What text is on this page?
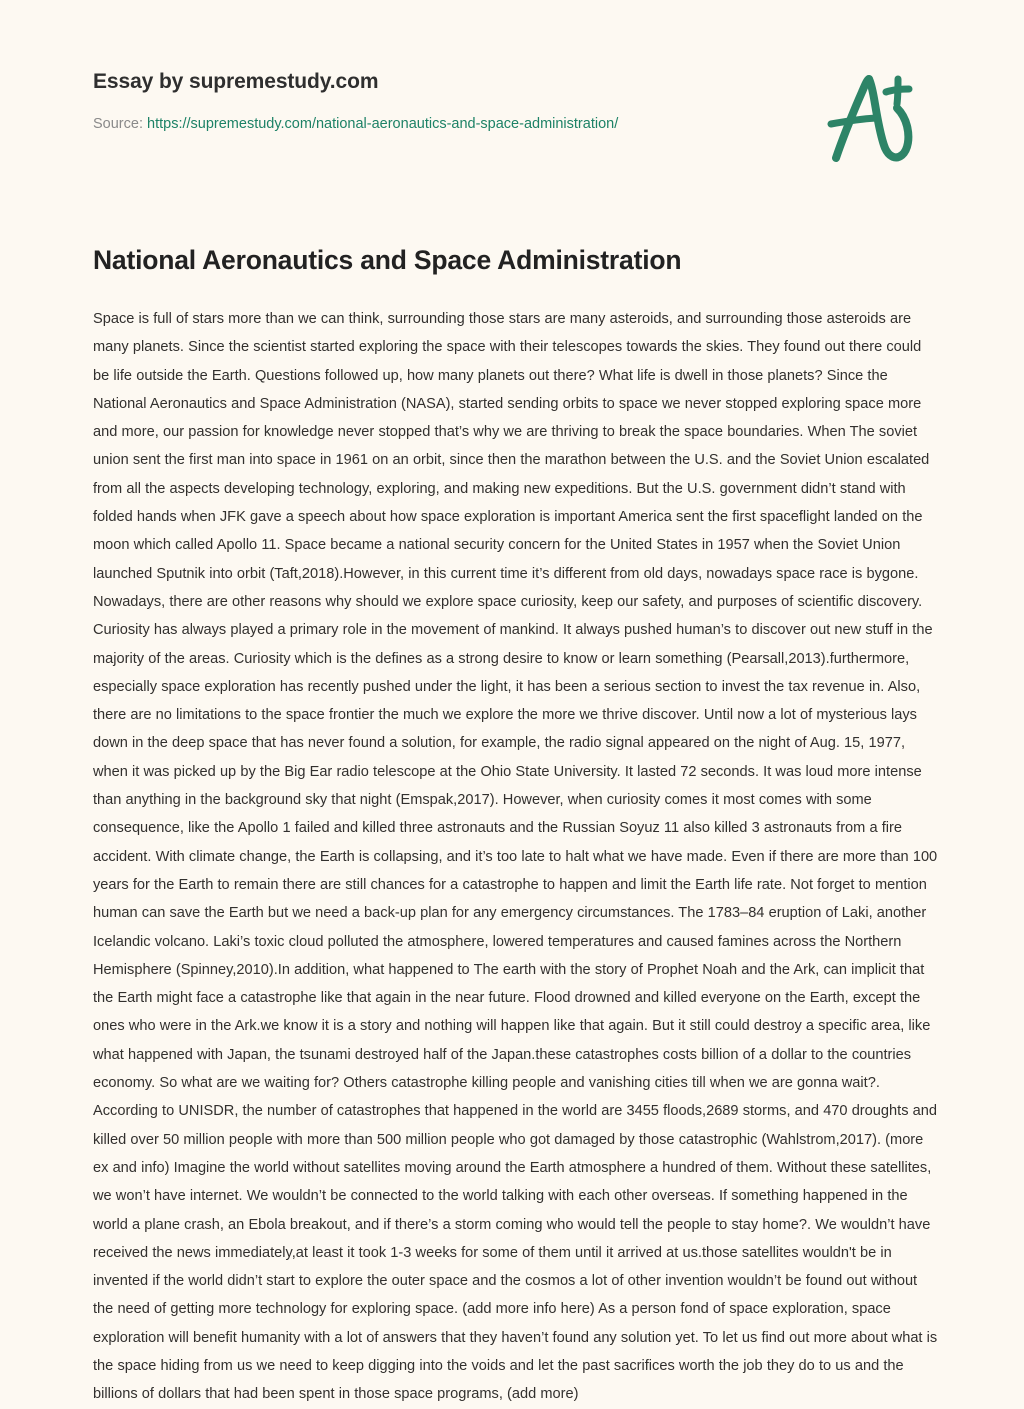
Essay by supremestudy.com
Source: https://supremestudy.com/national-aeronautics-and-space-administration/
National Aeronautics and Space Administration

Space is full of stars more than we can think, surrounding those stars are many asteroids, and surrounding those asteroids are many planets. Since the scientist started exploring the space with their telescopes towards the skies. They found out there could be life outside the Earth. Questions followed up, how many planets out there? What life is dwell in those planets? Since the National Aeronautics and Space Administration (NASA), started sending orbits to space we never stopped exploring space more and more, our passion for knowledge never stopped that’s why we are thriving to break the space boundaries. When The soviet union sent the first man into space in 1961 on an orbit, since then the marathon between the U.S. and the Soviet Union escalated from all the aspects developing technology, exploring, and making new expeditions. But the U.S. government didn’t stand with folded hands when JFK gave a speech about how space exploration is important America sent the first spaceflight landed on the moon which called Apollo 11. Space became a national security concern for the United States in 1957 when the Soviet Union launched Sputnik into orbit (Taft,2018).However, in this current time it’s different from old days, nowadays space race is bygone. Nowadays, there are other reasons why should we explore space curiosity, keep our safety, and purposes of scientific discovery. Curiosity has always played a primary role in the movement of mankind. It always pushed human’s to discover out new stuff in the majority of the areas. Curiosity which is the defines as a strong desire to know or learn something (Pearsall,2013).furthermore, especially space exploration has recently pushed under the light, it has been a serious section to invest the tax revenue in. Also, there are no limitations to the space frontier the much we explore the more we thrive discover. Until now a lot of mysterious lays down in the deep space that has never found a solution, for example, the radio signal appeared on the night of Aug. 15, 1977, when it was picked up by the Big Ear radio telescope at the Ohio State University. It lasted 72 seconds. It was loud more intense than anything in the background sky that night (Emspak,2017). However, when curiosity comes it most comes with some consequence, like the Apollo 1 failed and killed three astronauts and the Russian Soyuz 11 also killed 3 astronauts from a fire accident. With climate change, the Earth is collapsing, and it’s too late to halt what we have made. Even if there are more than 100 years for the Earth to remain there are still chances for a catastrophe to happen and limit the Earth life rate. Not forget to mention human can save the Earth but we need a back-up plan for any emergency circumstances. The 1783–84 eruption of Laki, another Icelandic volcano. Laki’s toxic cloud polluted the atmosphere, lowered temperatures and caused famines across the Northern Hemisphere (Spinney,2010).In addition, what happened to The earth with the story of Prophet Noah and the Ark, can implicit that the Earth might face a catastrophe like that again in the near future. Flood drowned and killed everyone on the Earth, except the ones who were in the Ark.we know it is a story and nothing will happen like that again. But it still could destroy a specific area, like what happened with Japan, the tsunami destroyed half of the Japan.these catastrophes costs billion of a dollar to the countries economy. So what are we waiting for? Others catastrophe killing people and vanishing cities till when we are gonna wait?. According to UNISDR, the number of catastrophes that happened in the world are 3455 floods,2689 storms, and 470 droughts and killed over 50 million people with more than 500 million people who got damaged by those catastrophic (Wahlstrom,2017). (more ex and info) Imagine the world without satellites moving around the Earth atmosphere a hundred of them. Without these satellites, we won’t have internet. We wouldn’t be connected to the world talking with each other overseas. If something happened in the world a plane crash, an Ebola breakout, and if there’s a storm coming who would tell the people to stay home?. We wouldn’t have received the news immediately,at least it took 1-3 weeks for some of them until it arrived at us.those satellites wouldn't be in invented if the world didn’t start to explore the outer space and the cosmos a lot of other invention wouldn’t be found out without the need of getting more technology for exploring space. (add more info here) As a person fond of space exploration, space exploration will benefit humanity with a lot of answers that they haven’t found any solution yet. To let us find out more about what is the space hiding from us we need to keep digging into the voids and let the past sacrifices worth the job they do to us and the billions of dollars that had been spent in those space programs, (add more)
